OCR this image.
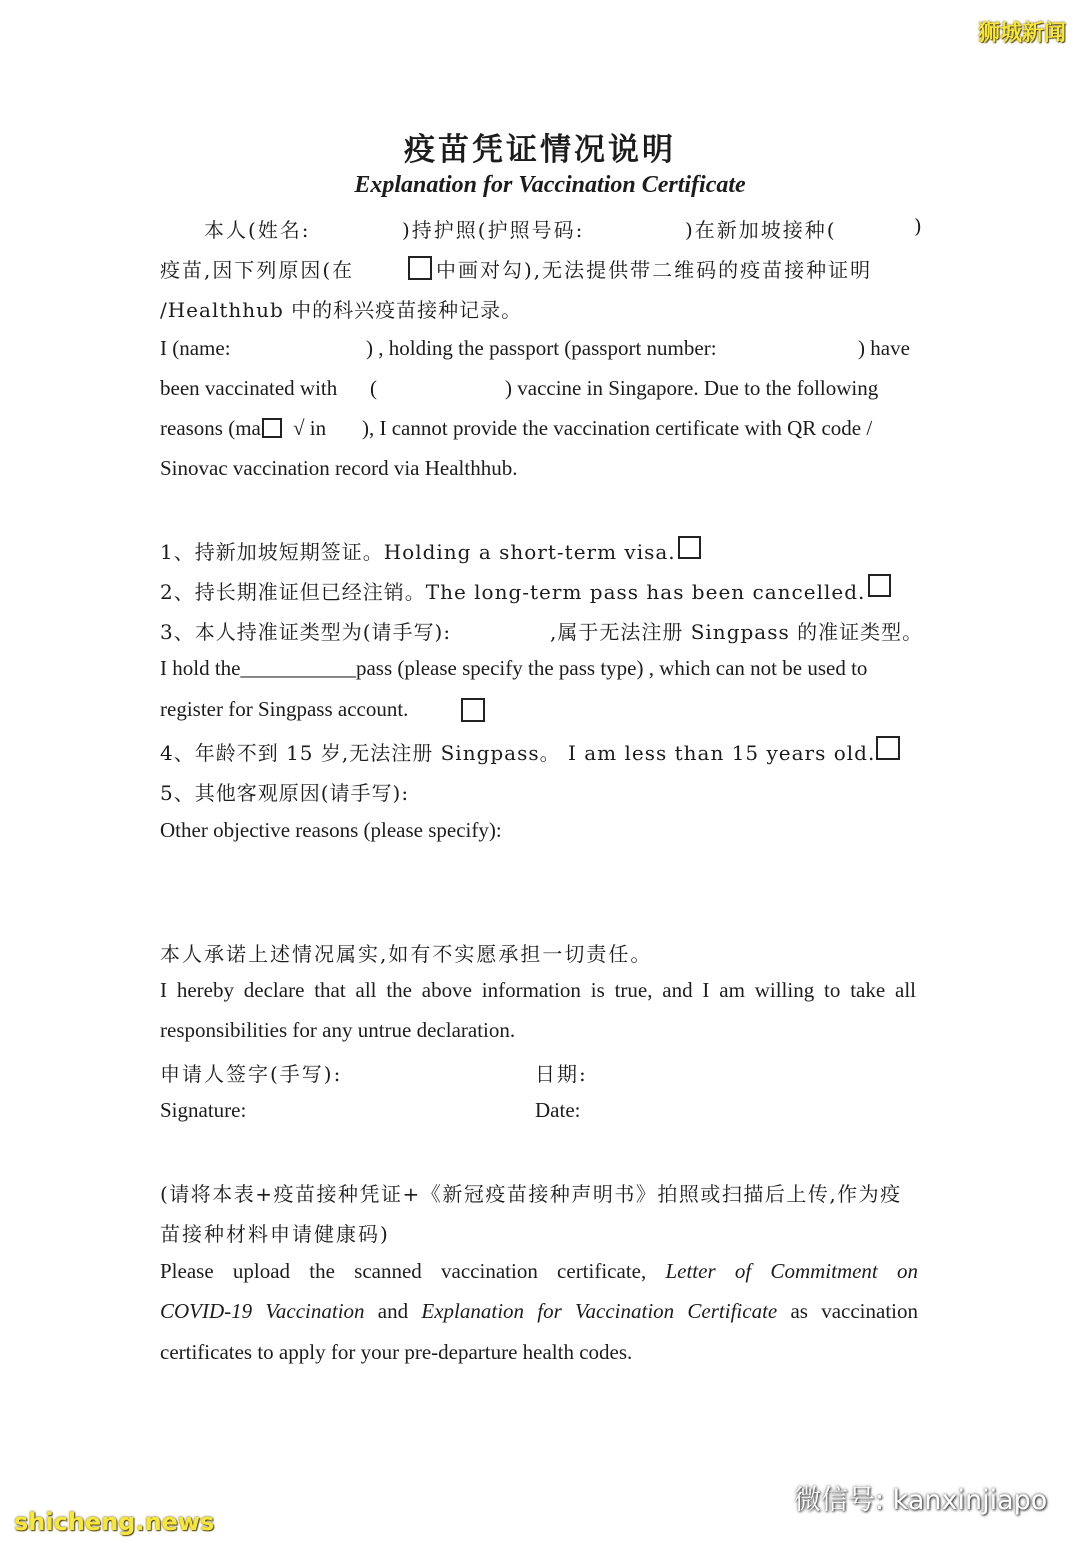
狮城新闻
疫苗凭证情况说明
Explanation for Vaccination Certificate
本人(姓名:	)持护照(护照号码:	)在新加坡接种(	)
疫苗,因下列原因(在	中画对勾),无法提供带二维码的疫苗接种证明
/Healthhub 中的科兴疫苗接种记录。
I (name:	) , holding the passport (passport number:	) have
been vaccinated with (	) vaccine in Singapore. Due to the following
reasons (ma √ in ), I cannot provide the vaccination certificate with QR code /
Sinovac vaccination record via Healthhub.
1、持新加坡短期签证。Holding a short-term visa.
2、持长期准证但已经注销。The long-term pass has been cancelled.
3、本人持准证类型为(请手写):	,属于无法注册 Singpass 的准证类型。
I hold the___________pass (please specify the pass type) , which can not be used to
register for Singpass account.
4、年龄不到 15 岁,无法注册 Singpass。 I am less than 15 years old.
5、其他客观原因(请手写):
Other objective reasons (please specify):
本人承诺上述情况属实,如有不实愿承担一切责任。
I hereby declare that all the above information is true, and I am willing to take all
responsibilities for any untrue declaration.
申请人签字(手写):	日期:
Signature:	Date:
(请将本表+疫苗接种凭证+《新冠疫苗接种声明书》拍照或扫描后上传,作为疫
苗接种材料申请健康码)
Please upload the scanned vaccination certificate, Letter of Commitment on
COVID-19 Vaccination and Explanation for Vaccination Certificate as vaccination
certificates to apply for your pre-departure health codes.
微信号: kanxinjiapo
shicheng.news
